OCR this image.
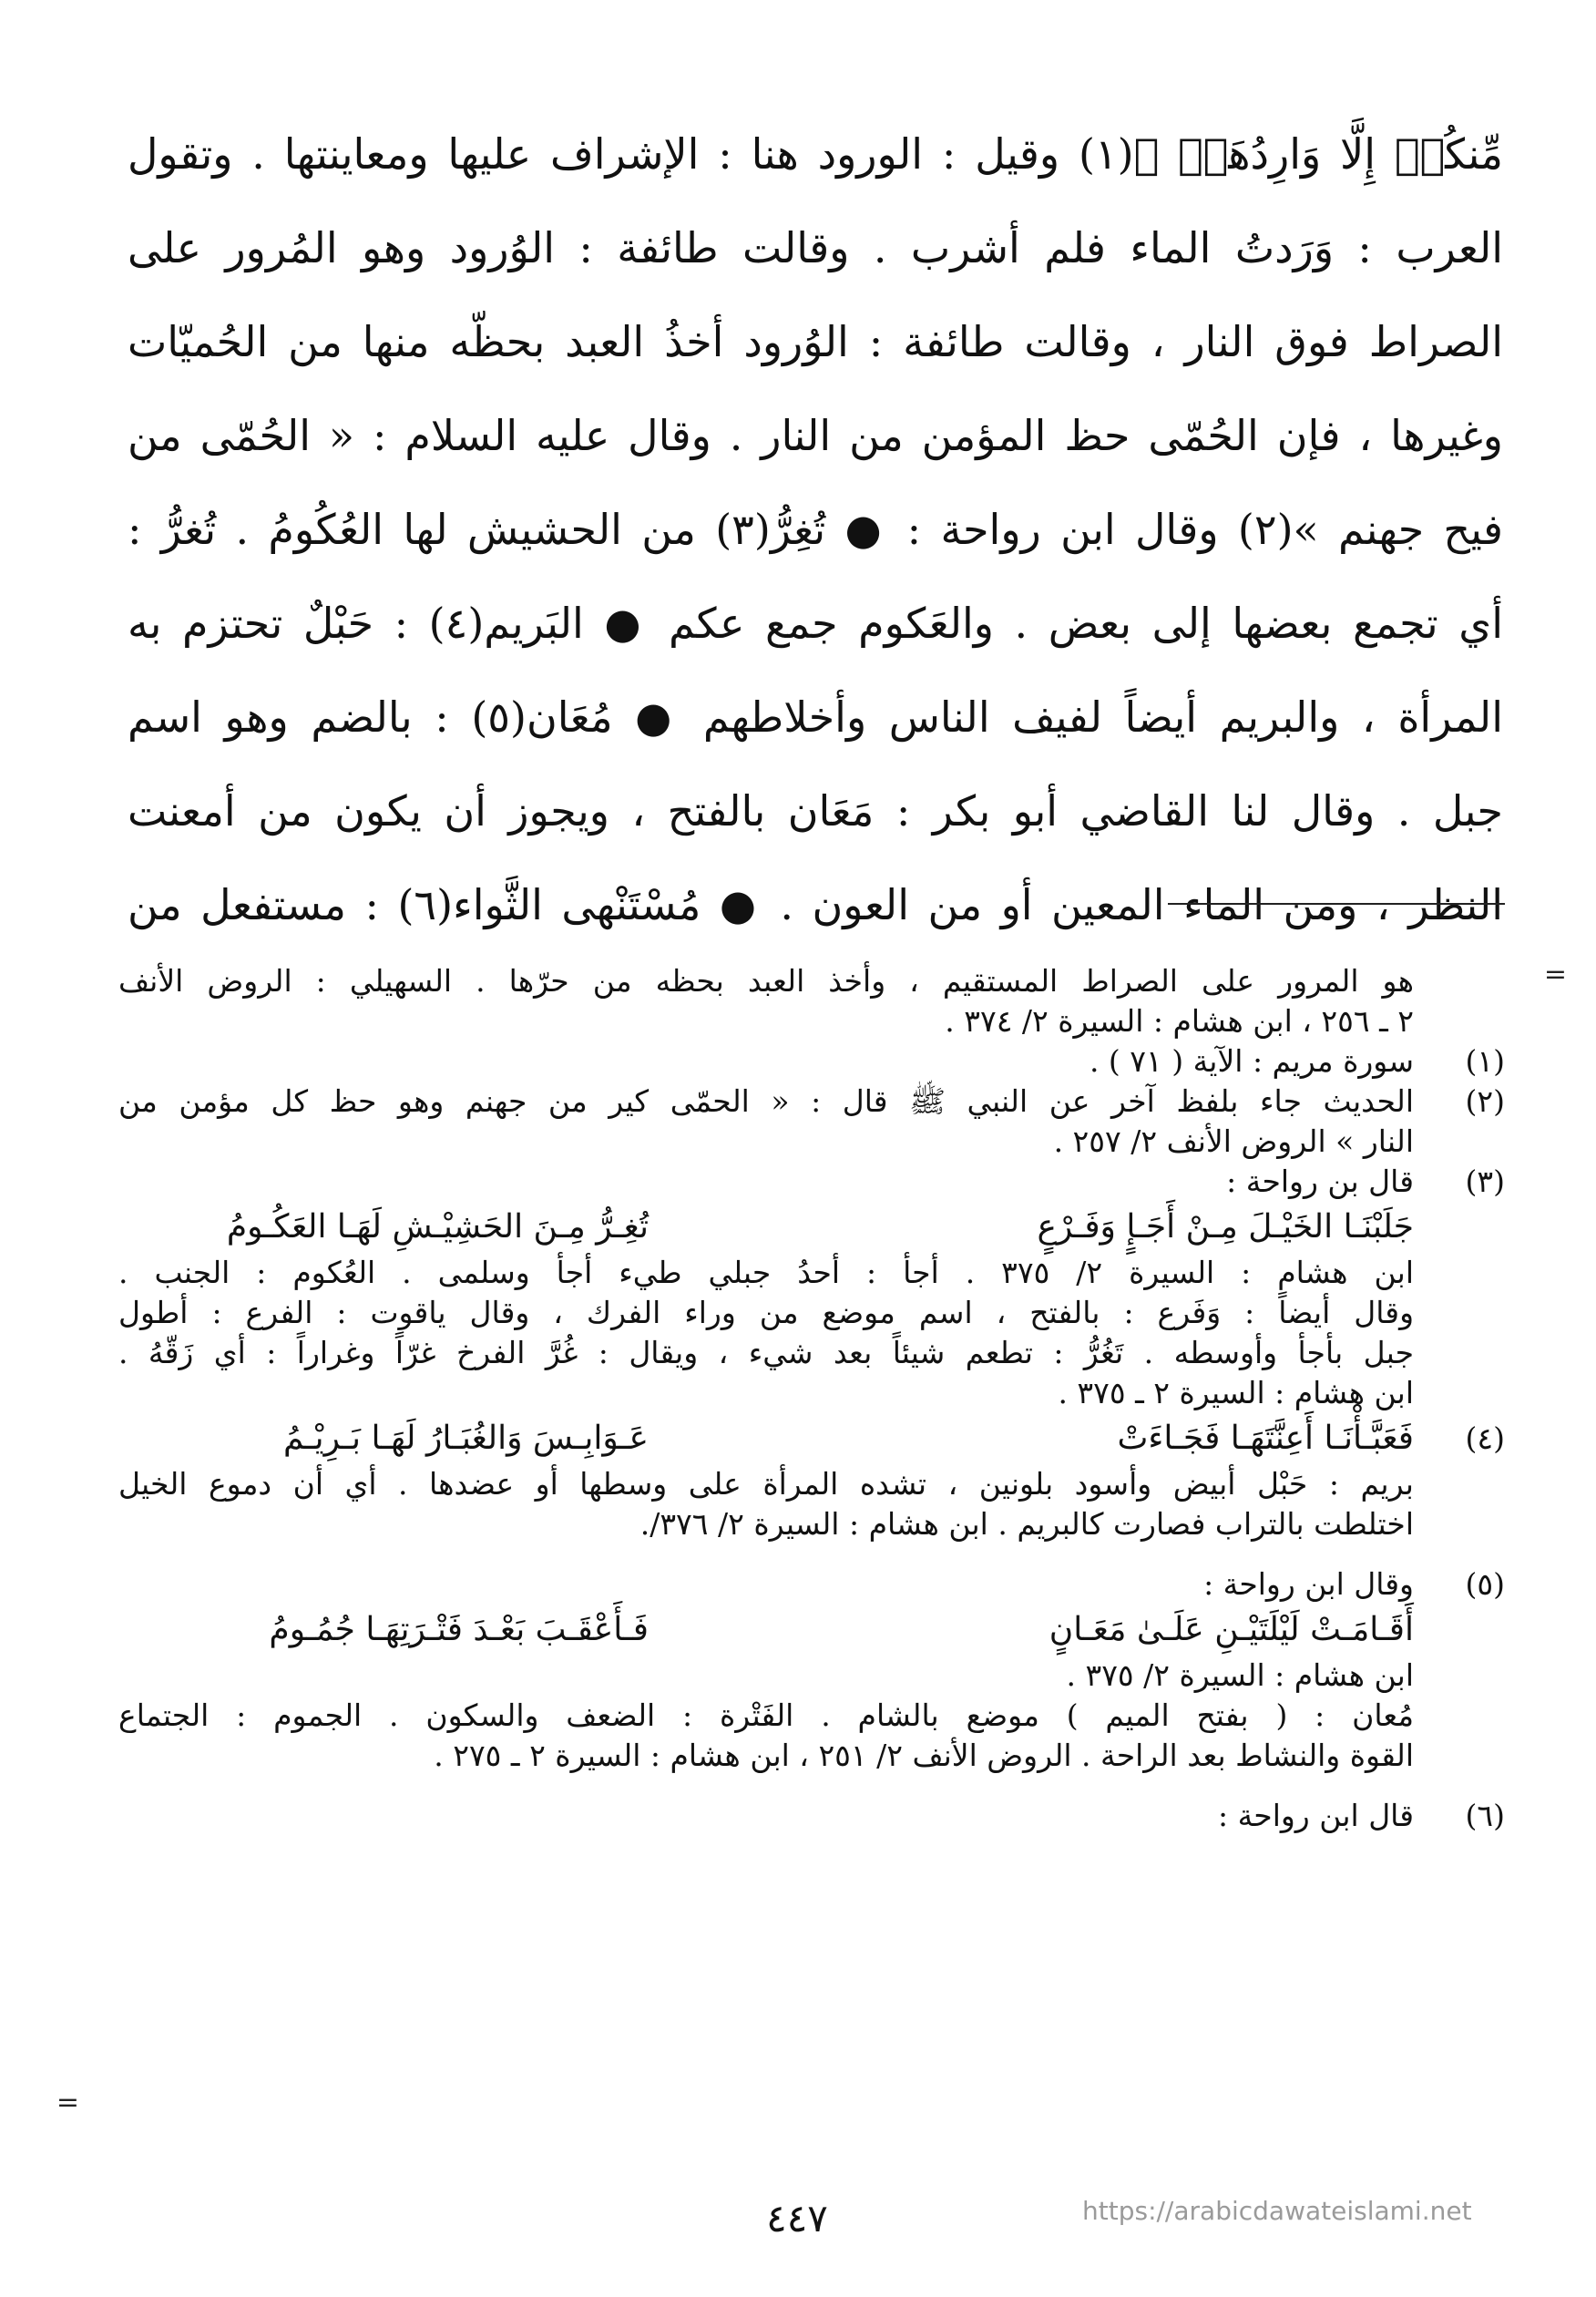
مِّنكُمۡ إِلَّا وَارِدُهَاۚ ﴾(١) وقيل : الورود هنا : الإشراف عليها ومعاينتها . وتقول
العرب : وَرَدتُ الماء فلم أشرب . وقالت طائفة : الوُرود وهو المُرور على
الصراط فوق النار ، وقالت طائفة : الوُرود أخذُ العبد بحظّه منها من الحُميّات
وغيرها ، فإن الحُمّى حظ المؤمن من النار . وقال عليه السلام : « الحُمّى من
فيح جهنم »(٢) وقال ابن رواحة : ● تُغِرُّ(٣) من الحشيش لها العُكُومُ . تُغرُّ :
أي تجمع بعضها إلى بعض . والعَكوم جمع عكم ● البَريم(٤) : حَبْلٌ تحتزم به
المرأة ، والبريم أيضاً لفيف الناس وأخلاطهم ● مُعَان(٥) : بالضم وهو اسم
جبل . وقال لنا القاضي أبو بكر : مَعَان بالفتح ، ويجوز أن يكون من أمعنت
النظر ، ومن الماء المعين أو من العون . ● مُسْتَنْهى الثَّواء(٦) : مستفعل من
=
=
هو المرور على الصراط المستقيم ، وأخذ العبد بحظه من حرّها . السهيلي : الروض الأنف
٢ ـ ٢٥٦ ، ابن هشام : السيرة ٢/ ٣٧٤ .
(١)
سورة مريم : الآية ( ٧١ ) .
(٢)
الحديث جاء بلفظ آخر عن النبي ﷺ قال : « الحمّى كير من جهنم وهو حظ كل مؤمن من
النار » الروض الأنف ٢/ ٢٥٧ .
(٣)
قال بن رواحة :
جَلَبْنَـا الخَيْـلَ مِـنْ أَجَـإٍ وَفَـرْعٍ
تُغِـرُّ مِـنَ الحَشِيْـشِ لَهَـا العَكُـومُ
ابن هشام : السيرة ٢/ ٣٧٥ . أجأ : أحدُ جبلي طيء أجأ وسلمى . العُكوم : الجنب .
وقال أيضاً : وَفَرع : بالفتح ، اسم موضع من وراء الفرك ، وقال ياقوت : الفرع : أطول
جبل بأجأ وأوسطه . تَغُرُّ : تطعم شيئاً بعد شيء ، ويقال : غُرَّ الفرخ غرّاً وغراراً : أي زَقّهُ .
ابن هشام : السيرة ٢ ـ ٣٧٥ .
(٤)
فَعَبَّـأْنَـا أَعِنَّتَهَـا فَجَـاءَتْ
عَـوَابِـسَ وَالغُبَـارُ لَهَـا بَـرِيْـمُ
بريم : حَبْل أبيض وأسود بلونين ، تشده المرأة على وسطها أو عضدها . أي أن دموع الخيل
اختلطت بالتراب فصارت كالبريم . ابن هشام : السيرة ٢/ ٣٧٦/.
(٥)
وقال ابن رواحة :
أَقَـامَـتْ لَيْلَتَيْـنِ عَلَـىٰ مَعَـانٍ
فَـأَعْقَـبَ بَعْـدَ فَتْـرَتِهَـا جُمُـومُ
ابن هشام : السيرة ٢/ ٣٧٥ .
مُعان : ( بفتح الميم ) موضع بالشام . الفَتْرة : الضعف والسكون . الجموم : الجتماع
القوة والنشاط بعد الراحة . الروض الأنف ٢/ ٢٥١ ، ابن هشام : السيرة ٢ ـ ٢٧٥ .
(٦)
قال ابن رواحة :
٤٤٧	https://arabicdawateislami.net
